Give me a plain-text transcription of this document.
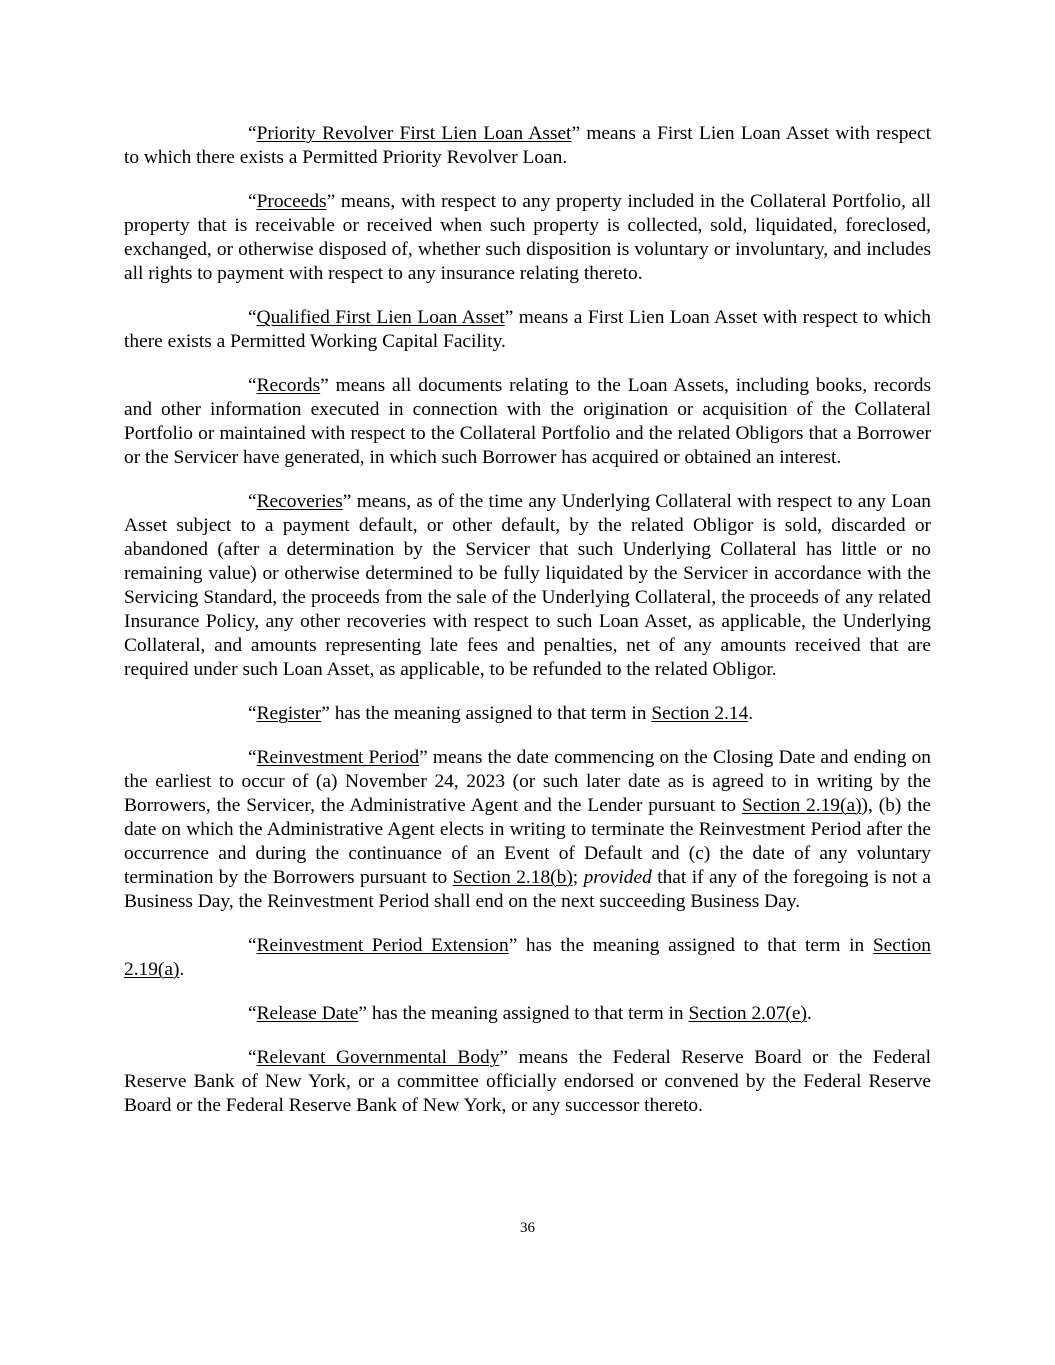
“Priority Revolver First Lien Loan Asset” means a First Lien Loan Asset with respect to which there exists a Permitted Priority Revolver Loan.

“Proceeds” means, with respect to any property included in the Collateral Portfolio, all property that is receivable or received when such property is collected, sold, liquidated, foreclosed, exchanged, or otherwise disposed of, whether such disposition is voluntary or involuntary, and includes all rights to payment with respect to any insurance relating thereto.

“Qualified First Lien Loan Asset” means a First Lien Loan Asset with respect to which there exists a Permitted Working Capital Facility.

“Records” means all documents relating to the Loan Assets, including books, records and other information executed in connection with the origination or acquisition of the Collateral Portfolio or maintained with respect to the Collateral Portfolio and the related Obligors that a Borrower or the Servicer have generated, in which such Borrower has acquired or obtained an interest.

“Recoveries” means, as of the time any Underlying Collateral with respect to any Loan Asset subject to a payment default, or other default, by the related Obligor is sold, discarded or abandoned (after a determination by the Servicer that such Underlying Collateral has little or no remaining value) or otherwise determined to be fully liquidated by the Servicer in accordance with the Servicing Standard, the proceeds from the sale of the Underlying Collateral, the proceeds of any related Insurance Policy, any other recoveries with respect to such Loan Asset, as applicable, the Underlying Collateral, and amounts representing late fees and penalties, net of any amounts received that are required under such Loan Asset, as applicable, to be refunded to the related Obligor.

“Register” has the meaning assigned to that term in Section 2.14.

“Reinvestment Period” means the date commencing on the Closing Date and ending on the earliest to occur of (a) November 24, 2023 (or such later date as is agreed to in writing by the Borrowers, the Servicer, the Administrative Agent and the Lender pursuant to Section 2.19(a)), (b) the date on which the Administrative Agent elects in writing to terminate the Reinvestment Period after the occurrence and during the continuance of an Event of Default and (c) the date of any voluntary termination by the Borrowers pursuant to Section 2.18(b); provided that if any of the foregoing is not a Business Day, the Reinvestment Period shall end on the next succeeding Business Day.

“Reinvestment Period Extension” has the meaning assigned to that term in Section 2.19(a).

“Release Date” has the meaning assigned to that term in Section 2.07(e).

“Relevant Governmental Body” means the Federal Reserve Board or the Federal Reserve Bank of New York, or a committee officially endorsed or convened by the Federal Reserve Board or the Federal Reserve Bank of New York, or any successor thereto.

36
